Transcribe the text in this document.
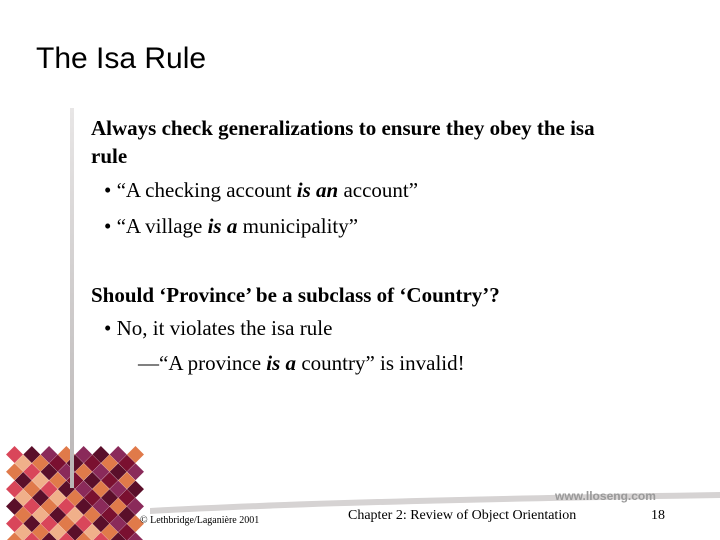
The Isa Rule
Always check generalizations to ensure they obey the isa
rule
• “A checking account is an account”
• “A village is a municipality”
Should ‘Province’ be a subclass of ‘Country’?
• No, it violates the isa rule
—“A province is a country” is invalid!
www.lloseng.com
© Lethbridge/Laganière 2001	Chapter 2: Review of Object Orientation	18
